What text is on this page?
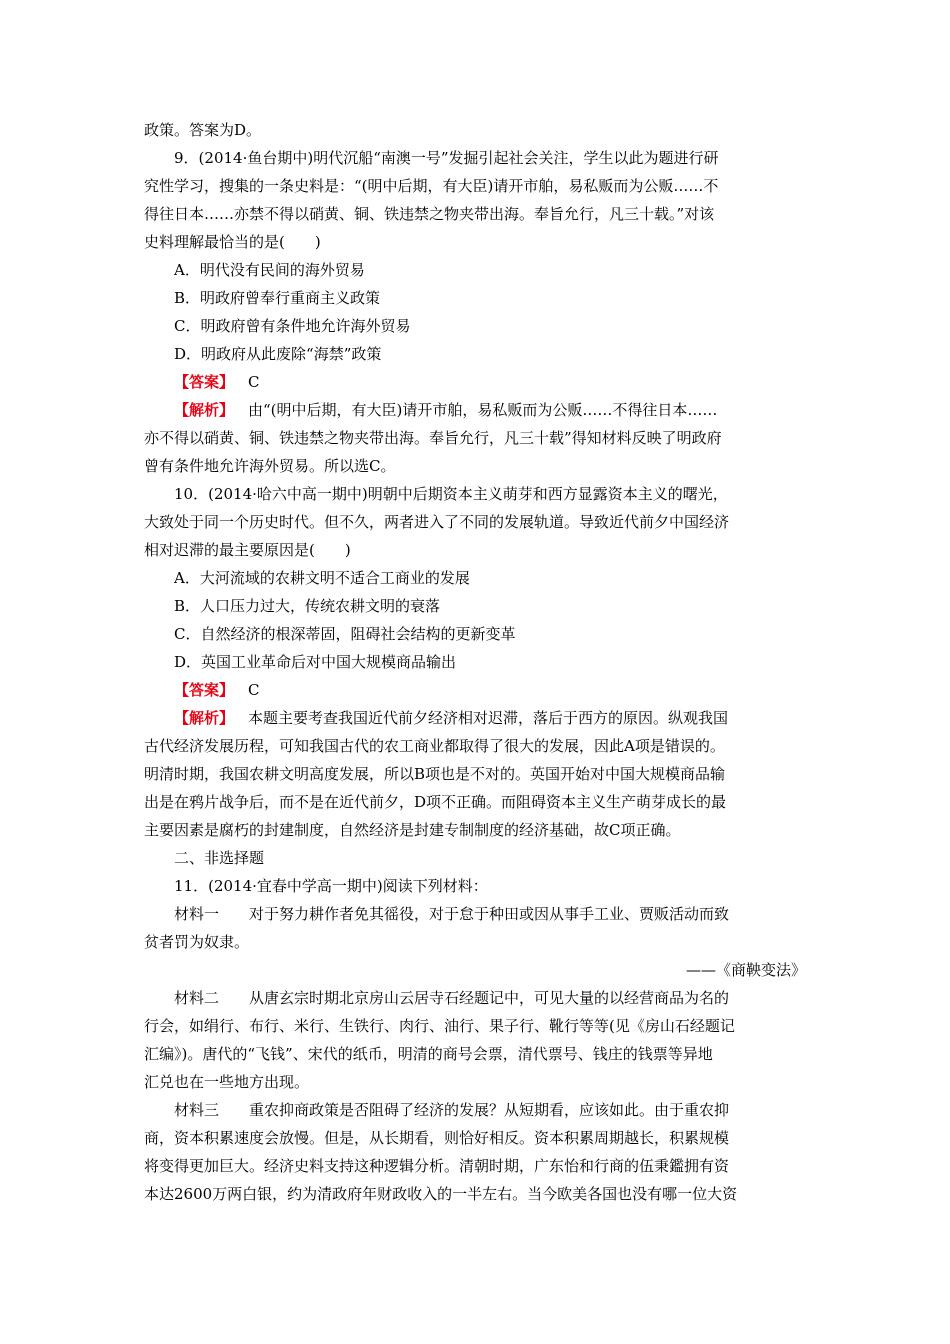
政策。答案为D。
9．(2014·鱼台期中)明代沉船“南澳一号”发掘引起社会关注，学生以此为题进行研
究性学习，搜集的一条史料是：“(明中后期，有大臣)请开市舶，易私贩而为公贩……不
得往日本……亦禁不得以硝黄、铜、铁违禁之物夹带出海。奉旨允行，凡三十载。”对该
史料理解最恰当的是(　　)
A．明代没有民间的海外贸易
B．明政府曾奉行重商主义政策
C．明政府曾有条件地允许海外贸易
D．明政府从此废除“海禁”政策
【答案】 C
【解析】 由“(明中后期，有大臣)请开市舶，易私贩而为公贩……不得往日本……
亦不得以硝黄、铜、铁违禁之物夹带出海。奉旨允行，凡三十载”得知材料反映了明政府
曾有条件地允许海外贸易。所以选C。
10．(2014·哈六中高一期中)明朝中后期资本主义萌芽和西方显露资本主义的曙光，
大致处于同一个历史时代。但不久，两者进入了不同的发展轨道。导致近代前夕中国经济
相对迟滞的最主要原因是(　　)
A．大河流域的农耕文明不适合工商业的发展
B．人口压力过大，传统农耕文明的衰落
C．自然经济的根深蒂固，阻碍社会结构的更新变革
D．英国工业革命后对中国大规模商品输出
【答案】 C
【解析】 本题主要考查我国近代前夕经济相对迟滞，落后于西方的原因。纵观我国
古代经济发展历程，可知我国古代的农工商业都取得了很大的发展，因此A项是错误的。
明清时期，我国农耕文明高度发展，所以B项也是不对的。英国开始对中国大规模商品输
出是在鸦片战争后，而不是在近代前夕，D项不正确。而阻碍资本主义生产萌芽成长的最
主要因素是腐朽的封建制度，自然经济是封建专制制度的经济基础，故C项正确。
二、非选择题
11．(2014·宜春中学高一期中)阅读下列材料：
材料一 对于努力耕作者免其徭役，对于怠于种田或因从事手工业、贾贩活动而致
贫者罚为奴隶。
——《商鞅变法》
材料二 从唐玄宗时期北京房山云居寺石经题记中，可见大量的以经营商品为名的
行会，如绢行、布行、米行、生铁行、肉行、油行、果子行、靴行等等(见《房山石经题记
汇编》)。唐代的“飞钱”、宋代的纸币，明清的商号会票，清代票号、钱庄的钱票等异地
汇兑也在一些地方出现。
材料三 重农抑商政策是否阻碍了经济的发展？从短期看，应该如此。由于重农抑
商，资本积累速度会放慢。但是，从长期看，则恰好相反。资本积累周期越长，积累规模
将变得更加巨大。经济史料支持这种逻辑分析。清朝时期，广东怡和行商的伍秉鑑拥有资
本达2600万两白银，约为清政府年财政收入的一半左右。当今欧美各国也没有哪一位大资
